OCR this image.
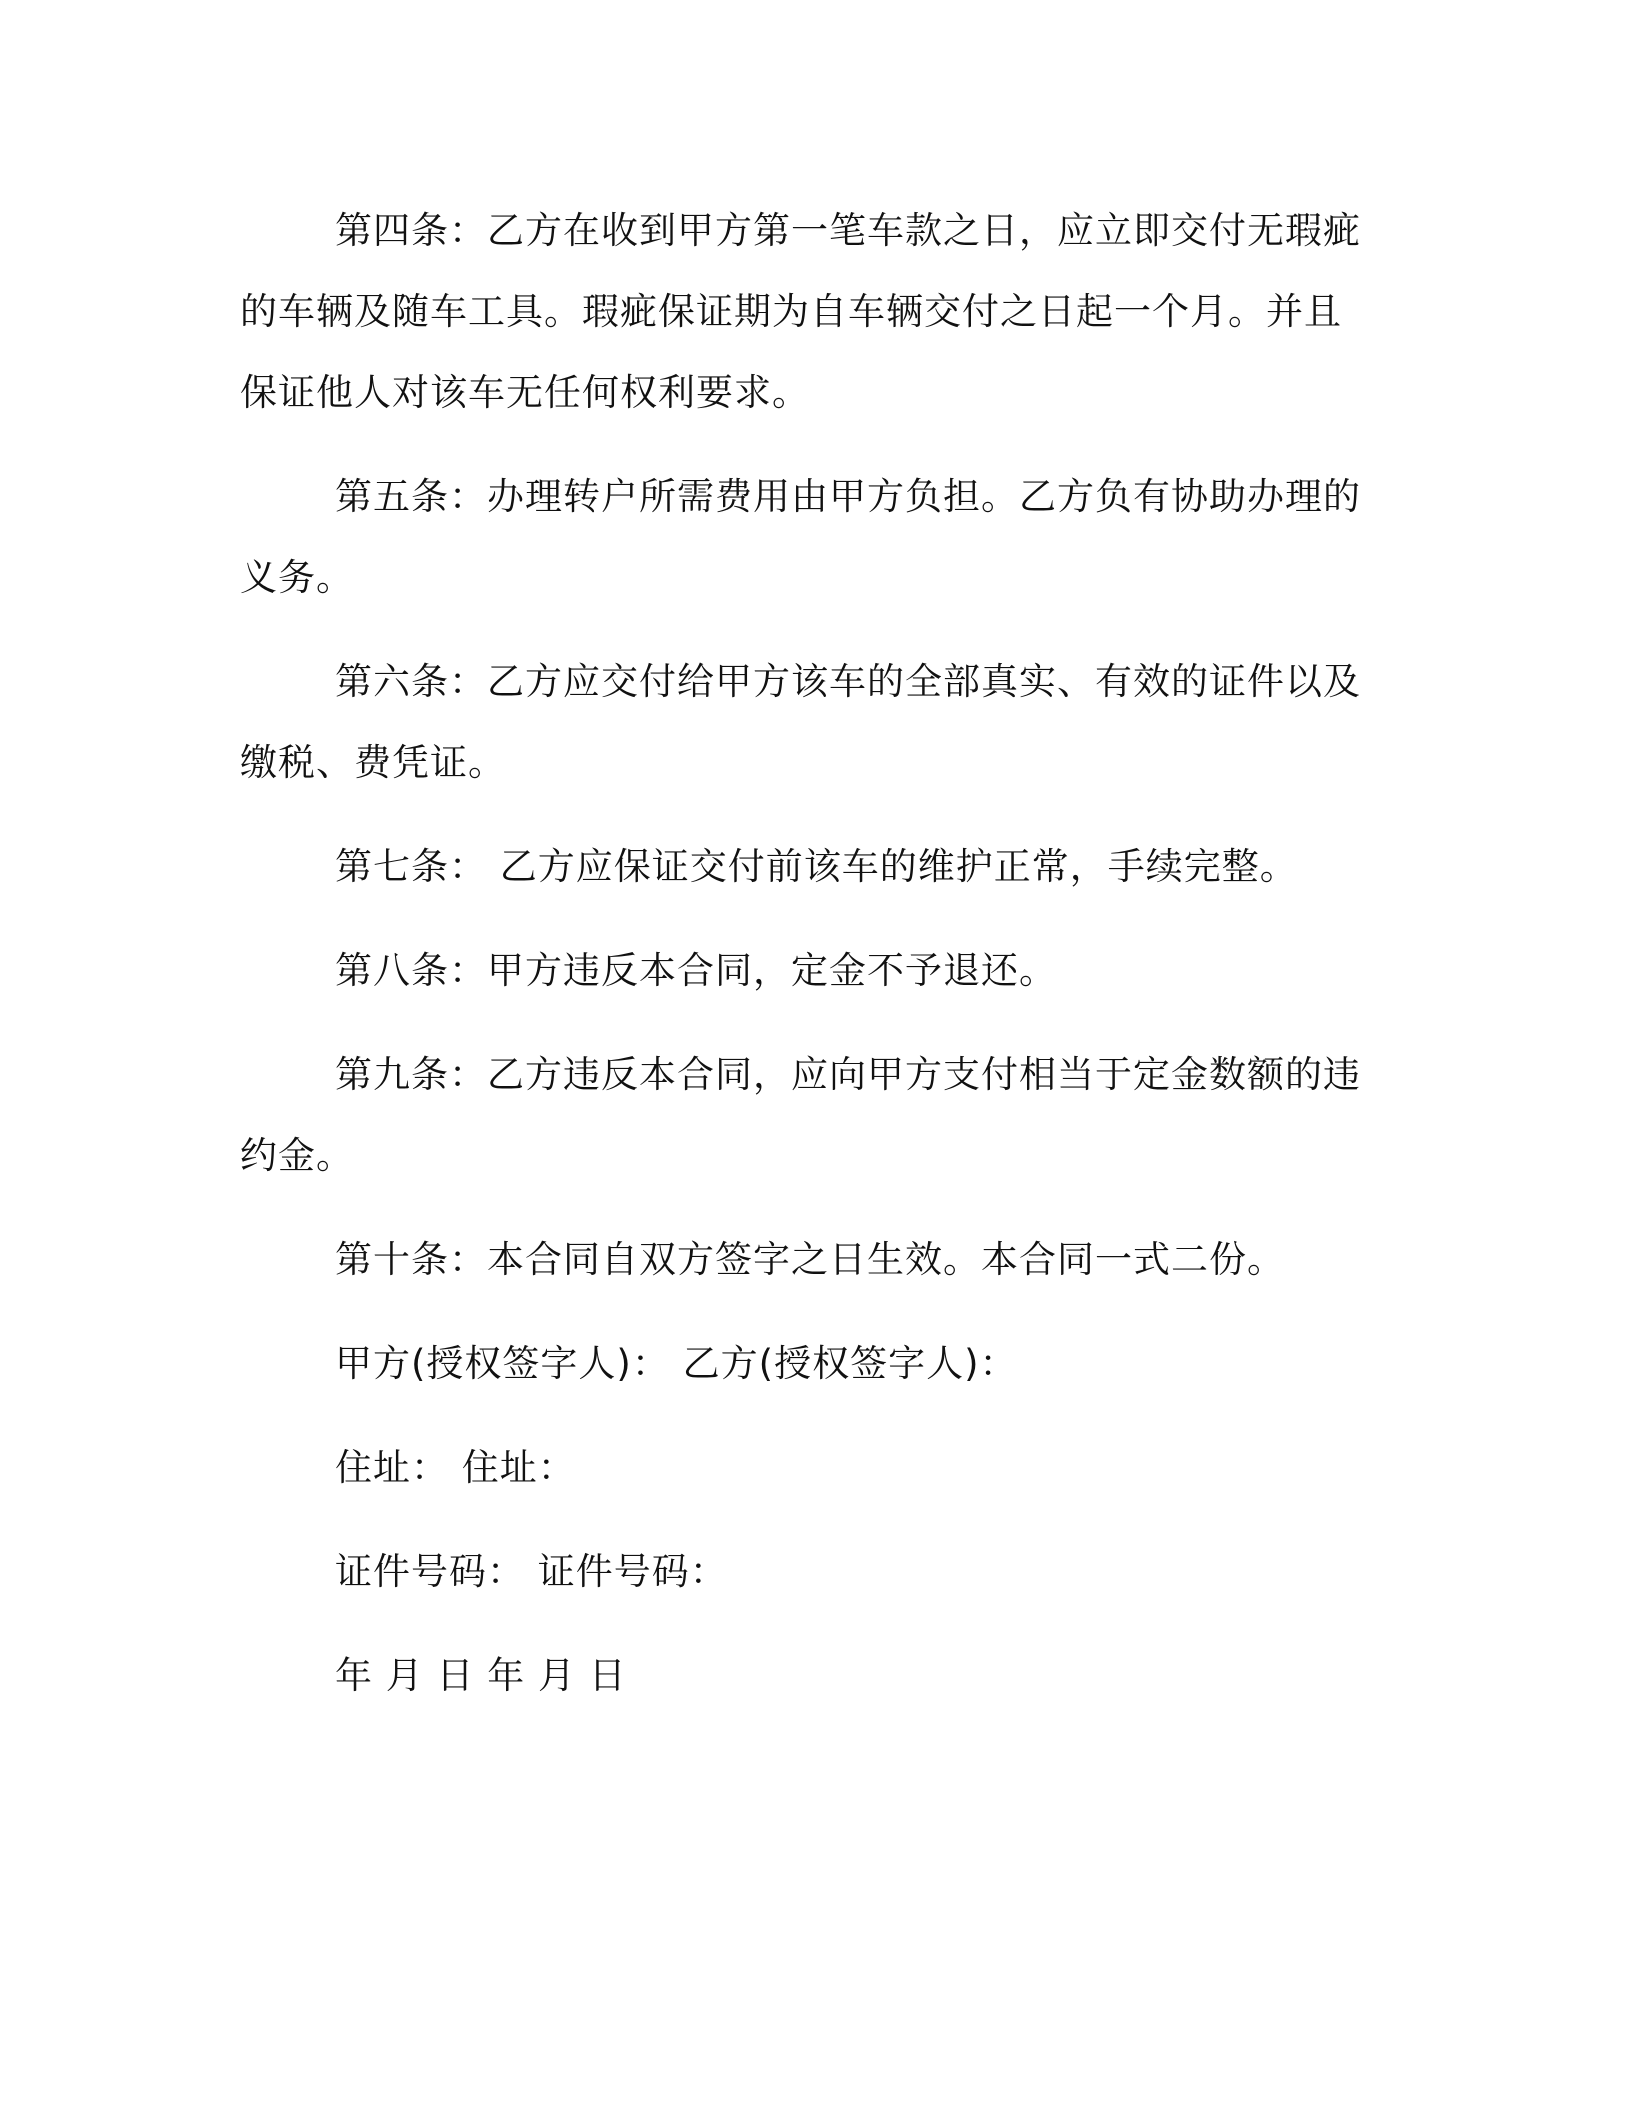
第四条：乙方在收到甲方第一笔车款之日，应立即交付无瑕疵的车辆及随车工具。瑕疵保证期为自车辆交付之日起一个月。并且保证他人对该车无任何权利要求。

第五条：办理转户所需费用由甲方负担。乙方负有协助办理的义务。

第六条：乙方应交付给甲方该车的全部真实、有效的证件以及缴税、费凭证。

第七条： 乙方应保证交付前该车的维护正常，手续完整。

第八条：甲方违反本合同，定金不予退还。

第九条：乙方违反本合同，应向甲方支付相当于定金数额的违约金。

第十条：本合同自双方签字之日生效。本合同一式二份。

甲方(授权签字人)： 乙方(授权签字人)：

住址： 住址：

证件号码： 证件号码：

年 月 日 年 月 日
